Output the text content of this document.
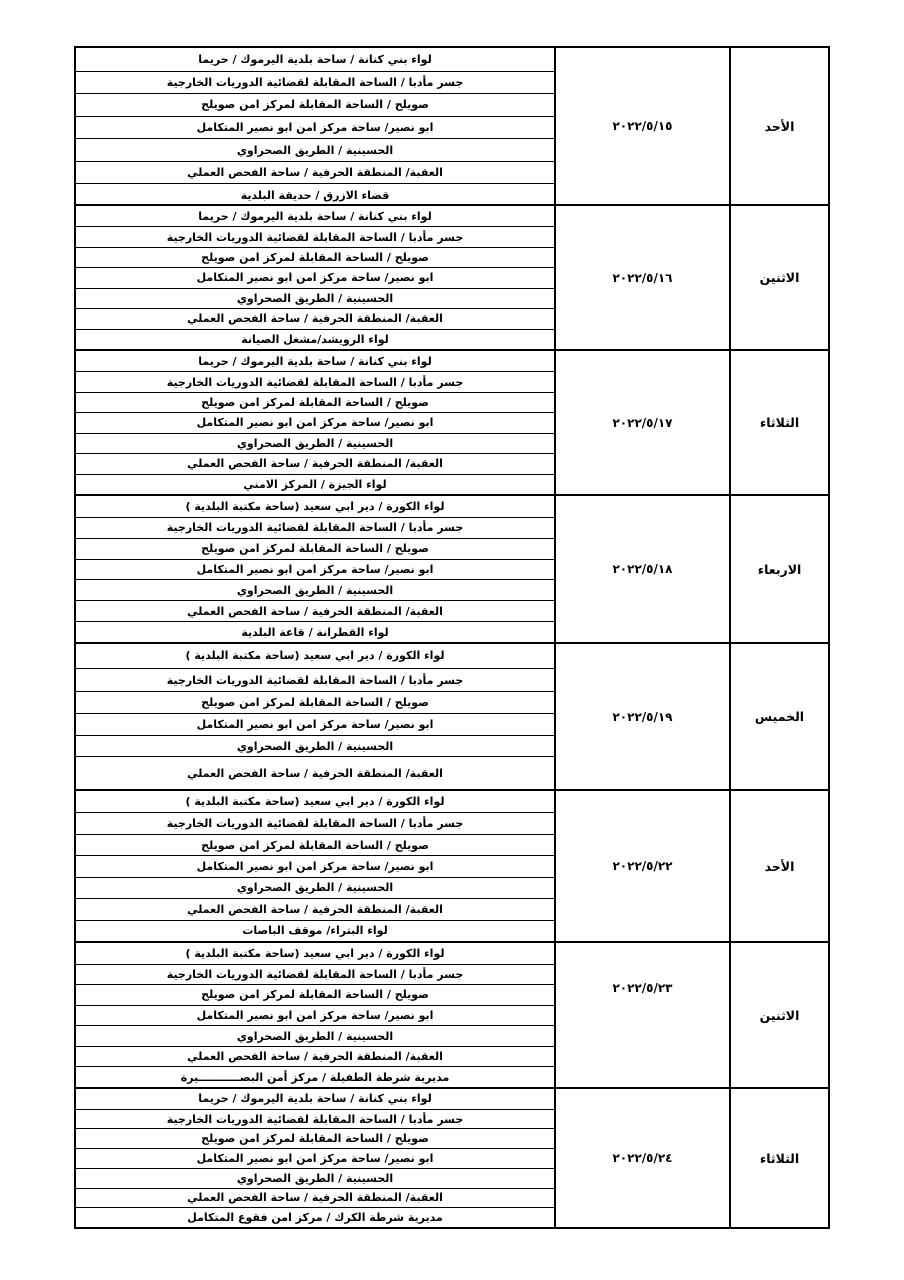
لواء بني كنانة / ساحة بلدية اليرموك / حريما
جسر مأدبا / الساحة المقابلة لقضائية الدوريات الخارجية
صويلح / الساحة المقابلة لمركز امن صويلح
ابو نصير/ ساحة مركز امن ابو نصير المتكامل
الحسينية / الطريق الصحراوي
العقبة/ المنطقة الحرفية / ساحة الفحص العملي
قضاء الازرق / حديقة البلدية
٢٠٢٢/٥/١٥	الأحد
لواء بني كنانة / ساحة بلدية اليرموك / حريما
جسر مأدبا / الساحة المقابلة لقضائية الدوريات الخارجية
صويلح / الساحة المقابلة لمركز امن صويلح
ابو نصير/ ساحة مركز امن ابو نصير المتكامل
الحسينية / الطريق الصحراوي
العقبة/ المنطقة الحرفية / ساحة الفحص العملي
لواء الرويشد/مشغل الصيانة
٢٠٢٢/٥/١٦	الاثنين
لواء بني كنانة / ساحة بلدية اليرموك / حريما
جسر مأدبا / الساحة المقابلة لقضائية الدوريات الخارجية
صويلح / الساحة المقابلة لمركز امن صويلح
ابو نصير/ ساحة مركز امن ابو نصير المتكامل
الحسينية / الطريق الصحراوي
العقبة/ المنطقة الحرفية / ساحة الفحص العملي
لواء الجيزة / المركز الامني
٢٠٢٢/٥/١٧	الثلاثاء
لواء الكورة / دير ابي سعيد (ساحة مكتبة البلدية )
جسر مأدبا / الساحة المقابلة لقضائية الدوريات الخارجية
صويلح / الساحة المقابلة لمركز امن صويلح
ابو نصير/ ساحة مركز امن ابو نصير المتكامل
الحسينية / الطريق الصحراوي
العقبة/ المنطقة الحرفية / ساحة الفحص العملي
لواء القطرانة / قاعة البلدية
٢٠٢٢/٥/١٨	الاربعاء
لواء الكورة / دير ابي سعيد (ساحة مكتبة البلدية )
جسر مأدبا / الساحة المقابلة لقضائية الدوريات الخارجية
صويلح / الساحة المقابلة لمركز امن صويلح
ابو نصير/ ساحة مركز امن ابو نصير المتكامل
الحسينية / الطريق الصحراوي
العقبة/ المنطقة الحرفية / ساحة الفحص العملي
٢٠٢٢/٥/١٩	الخميس
لواء الكورة / دير ابي سعيد (ساحة مكتبة البلدية )
جسر مأدبا / الساحة المقابلة لقضائية الدوريات الخارجية
صويلح / الساحة المقابلة لمركز امن صويلح
ابو نصير/ ساحة مركز امن ابو نصير المتكامل
الحسينية / الطريق الصحراوي
العقبة/ المنطقة الحرفية / ساحة الفحص العملي
لواء البتراء/ موقف الباصات
٢٠٢٢/٥/٢٢	الأحد
لواء الكورة / دير ابي سعيد (ساحة مكتبة البلدية )
جسر مأدبا / الساحة المقابلة لقضائية الدوريات الخارجية
صويلح / الساحة المقابلة لمركز امن صويلح
ابو نصير/ ساحة مركز امن ابو نصير المتكامل
الحسينية / الطريق الصحراوي
العقبة/ المنطقة الحرفية / ساحة الفحص العملي
مديرية شرطة الطفيلة / مركز أمن البصـــــــــــيرة
٢٠٢٢/٥/٢٣
الاثنين
لواء بني كنانة / ساحة بلدية اليرموك / حريما
جسر مأدبا / الساحة المقابلة لقضائية الدوريات الخارجية
صويلح / الساحة المقابلة لمركز امن صويلح
ابو نصير/ ساحة مركز امن ابو نصير المتكامل
الحسينية / الطريق الصحراوي
العقبة/ المنطقة الحرفية / ساحة الفحص العملي
مديرية شرطة الكرك / مركز امن فقوع المتكامل
٢٠٢٢/٥/٢٤	الثلاثاء
